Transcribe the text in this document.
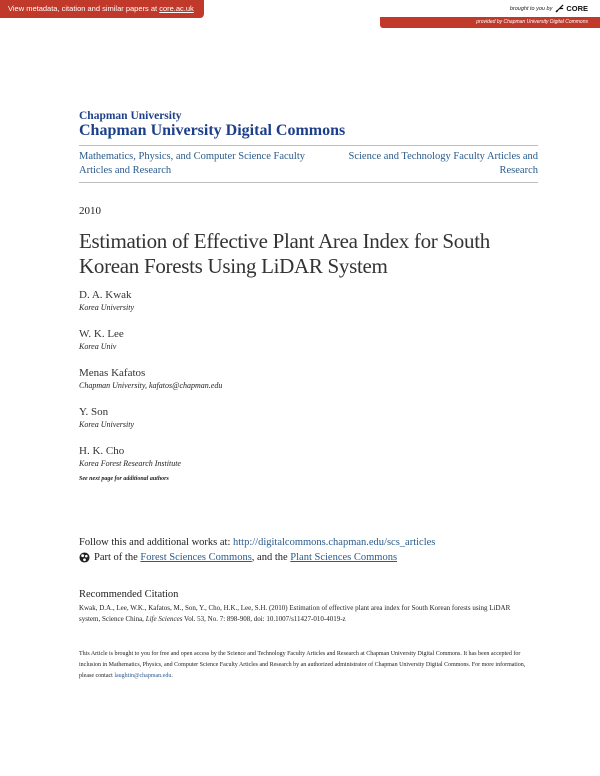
View metadata, citation and similar papers at core.ac.uk	brought to you by CORE
provided by Chapman University Digital Commons
Chapman University
Chapman University Digital Commons
Mathematics, Physics, and Computer Science Faculty Articles and Research
Science and Technology Faculty Articles and Research
2010
Estimation of Effective Plant Area Index for South Korean Forests Using LiDAR System
D. A. Kwak
Korea University
W. K. Lee
Korea Univ
Menas Kafatos
Chapman University, kafatos@chapman.edu
Y. Son
Korea University
H. K. Cho
Korea Forest Research Institute
See next page for additional authors
Follow this and additional works at: http://digitalcommons.chapman.edu/scs_articles
Part of the Forest Sciences Commons, and the Plant Sciences Commons
Recommended Citation
Kwak, D.A., Lee, W.K., Kafatos, M., Son, Y., Cho, H.K., Lee, S.H. (2010) Estimation of effective plant area index for South Korean forests using LiDAR system, Science China, Life Sciences Vol. 53, No. 7: 898-908, doi: 10.1007/s11427-010-4019-z
This Article is brought to you for free and open access by the Science and Technology Faculty Articles and Research at Chapman University Digital Commons. It has been accepted for inclusion in Mathematics, Physics, and Computer Science Faculty Articles and Research by an authorized administrator of Chapman University Digital Commons. For more information, please contact laughtin@chapman.edu.
